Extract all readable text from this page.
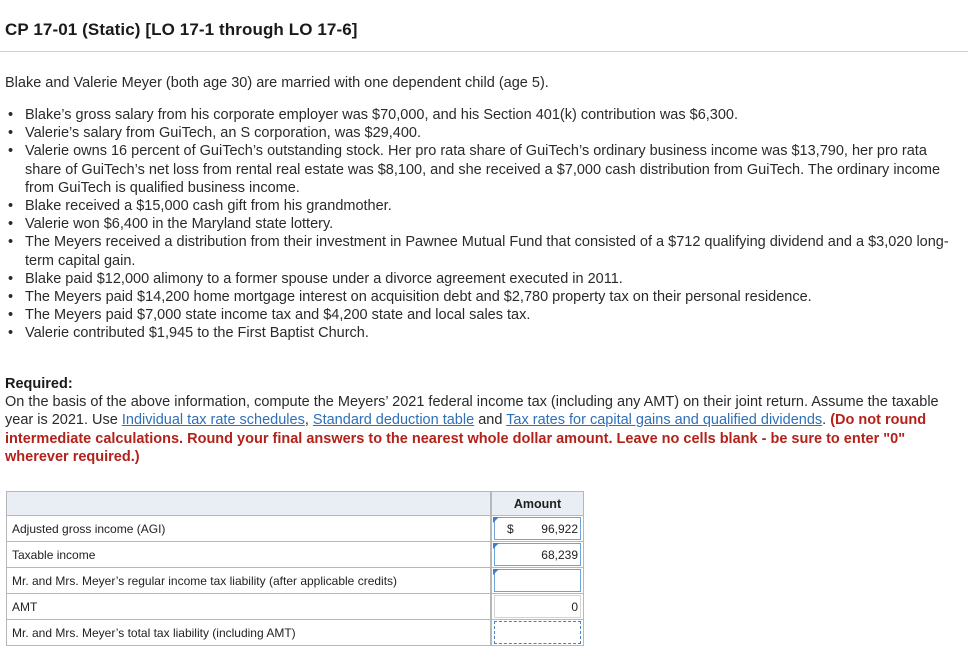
CP 17-01 (Static) [LO 17-1 through LO 17-6]
Blake and Valerie Meyer (both age 30) are married with one dependent child (age 5).
• Blake’s gross salary from his corporate employer was $70,000, and his Section 401(k) contribution was $6,300.
• Valerie’s salary from GuiTech, an S corporation, was $29,400.
• Valerie owns 16 percent of GuiTech’s outstanding stock. Her pro rata share of GuiTech’s ordinary business income was $13,790, her pro rata share of GuiTech’s net loss from rental real estate was $8,100, and she received a $7,000 cash distribution from GuiTech. The ordinary income from GuiTech is qualified business income.
• Blake received a $15,000 cash gift from his grandmother.
• Valerie won $6,400 in the Maryland state lottery.
• The Meyers received a distribution from their investment in Pawnee Mutual Fund that consisted of a $712 qualifying dividend and a $3,020 long-term capital gain.
• Blake paid $12,000 alimony to a former spouse under a divorce agreement executed in 2011.
• The Meyers paid $14,200 home mortgage interest on acquisition debt and $2,780 property tax on their personal residence.
• The Meyers paid $7,000 state income tax and $4,200 state and local sales tax.
• Valerie contributed $1,945 to the First Baptist Church.
Required:
On the basis of the above information, compute the Meyers’ 2021 federal income tax (including any AMT) on their joint return. Assume the taxable year is 2021. Use Individual tax rate schedules, Standard deduction table and Tax rates for capital gains and qualified dividends. (Do not round intermediate calculations. Round your final answers to the nearest whole dollar amount. Leave no cells blank - be sure to enter "0" wherever required.)
		Amount
Adjusted gross income (AGI)		$ 96,922

Taxable income		68,239

Mr. and Mrs. Meyer’s regular income tax liability (after applicable credits)		

AMT		0

Mr. and Mrs. Meyer’s total tax liability (including AMT)		
